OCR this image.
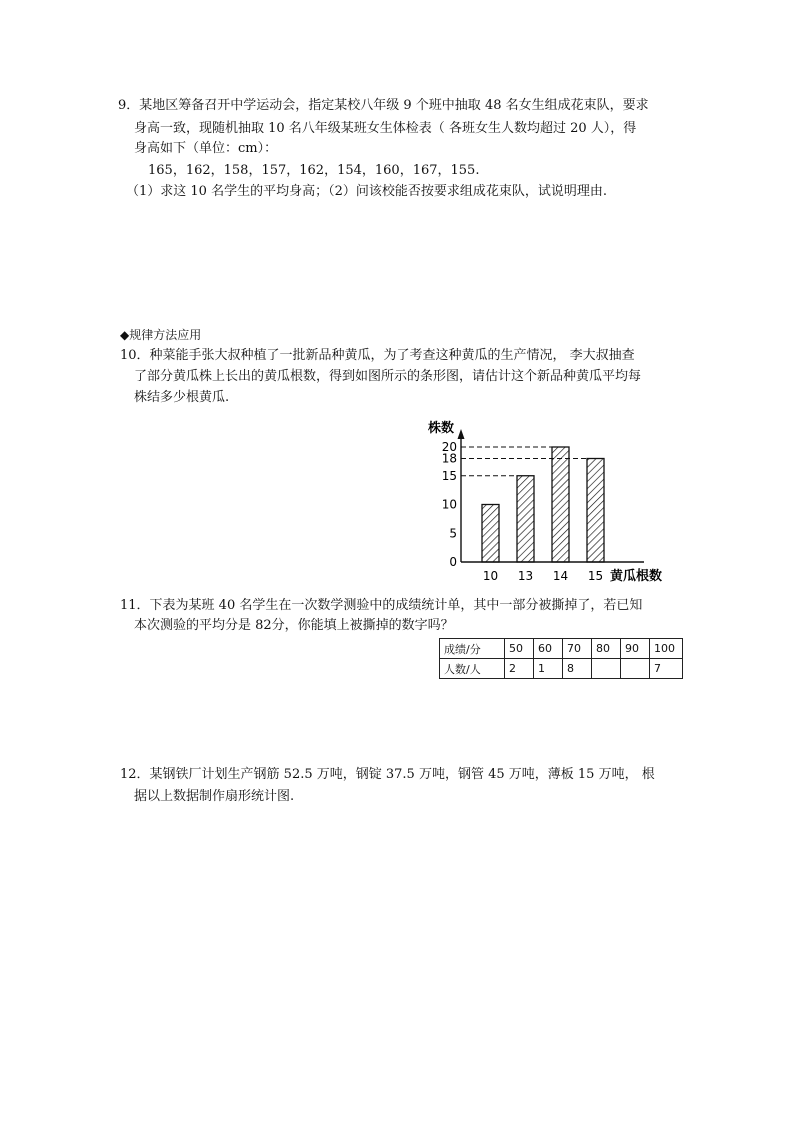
9．某地区筹备召开中学运动会，指定某校八年级 9 个班中抽取 48 名女生组成花束队，要求
身高一致，现随机抽取 10 名八年级某班女生体检表（ 各班女生人数均超过 20 人），得
身高如下（单位：cm）：
165，162，158，157，162，154，160，167，155.
（1）求这 10 名学生的平均身高；（2）问该校能否按要求组成花束队，试说明理由.
◆规律方法应用
10．种菜能手张大叔种植了一批新品种黄瓜，为了考查这种黄瓜的生产情况， 李大叔抽查
了部分黄瓜株上长出的黄瓜根数，得到如图所示的条形图，请估计这个新品种黄瓜平均每
株结多少根黄瓜.
0
5
10
15
18
20
10 13 14 15
株数
黄瓜根数
11．下表为某班 40 名学生在一次数学测验中的成绩统计单，其中一部分被撕掉了，若已知
本次测验的平均分是 82分，你能填上被撕掉的数字吗？
成绩/分	50	60	70	80	90	100
人数/人	2	1	8			7
12．某钢铁厂计划生产钢筋 52.5 万吨，钢锭 37.5 万吨，钢管 45 万吨，薄板 15 万吨， 根
据以上数据制作扇形统计图.
